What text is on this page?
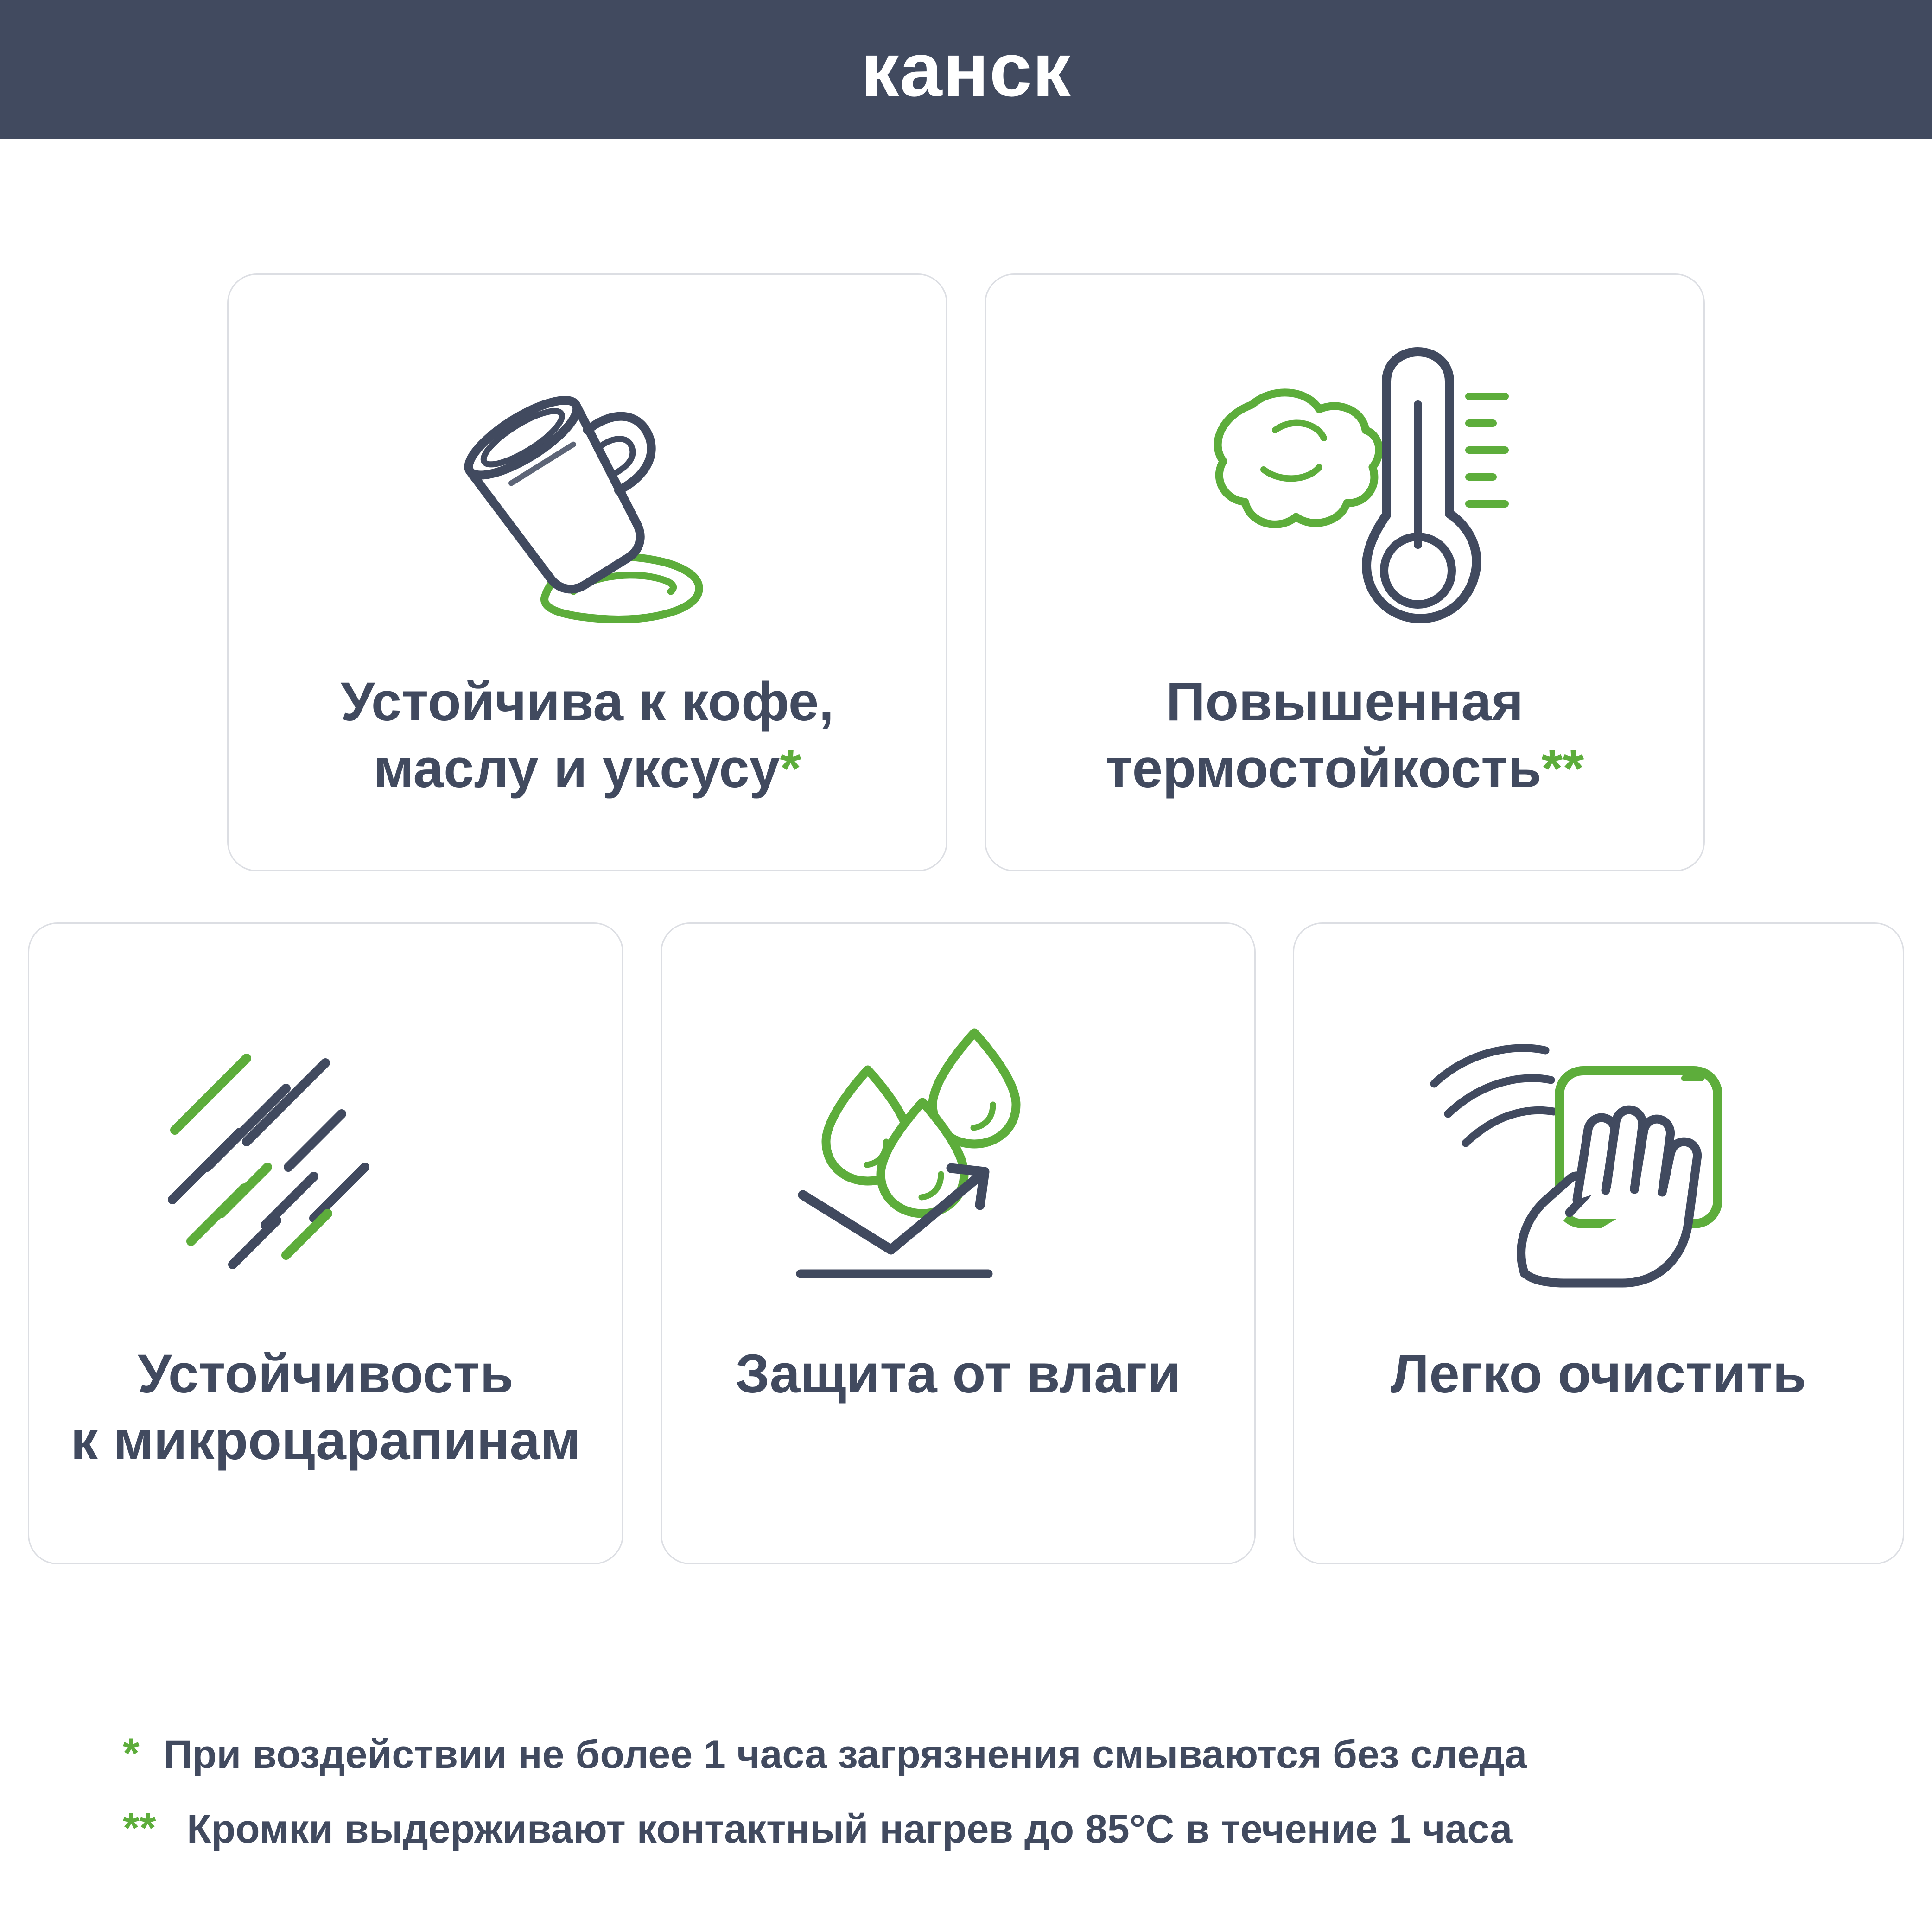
канск
Устойчива к кофе,
маслу и уксусу*
Повышенная
термостойкость**
Устойчивость
к микроцарапинам
Защита от влаги	Легко очистить
* При воздействии не более 1 часа загрязнения смываются без следа
** Кромки выдерживают контактный нагрев до 85°C в течение 1 часа
